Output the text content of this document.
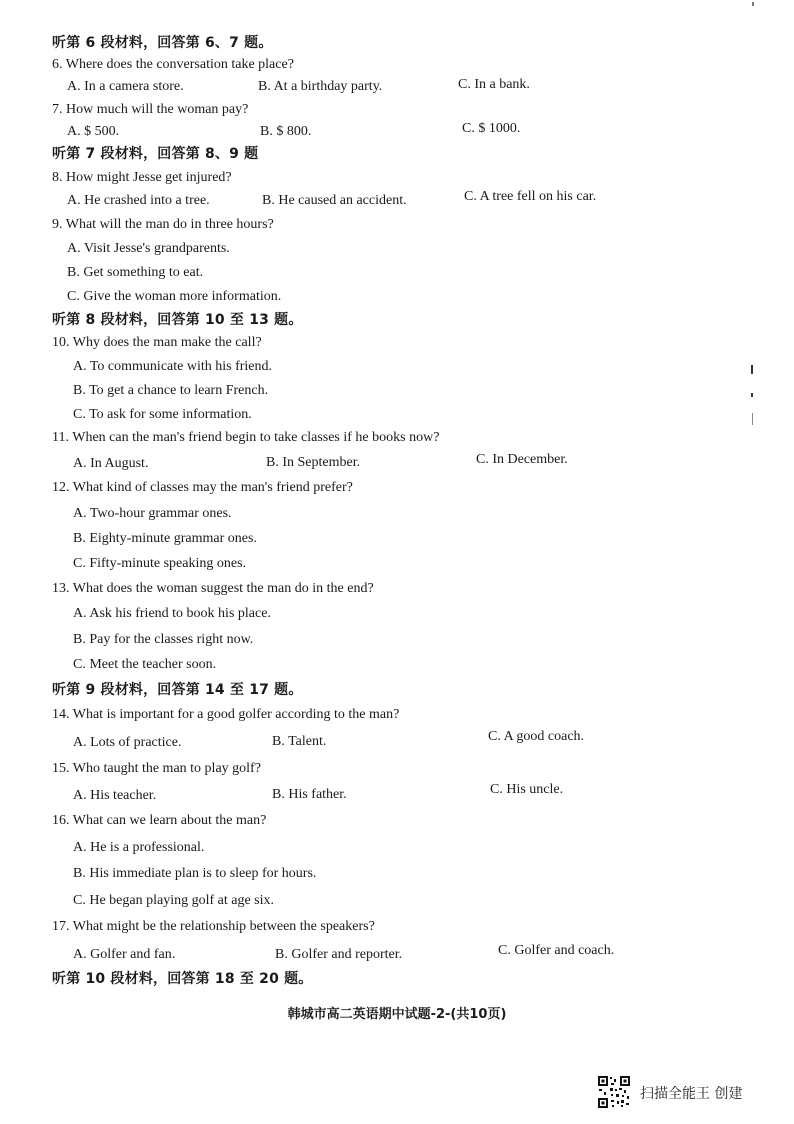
听第 6 段材料，回答第 6、7 题。
6. Where does the conversation take place?
A. In a camera store.	B. At a birthday party.	C. In a bank.
7. How much will the woman pay?
A. $ 500.	B. $ 800.	C. $ 1000.
听第 7 段材料，回答第 8、9 题
8. How might Jesse get injured?
A. He crashed into a tree.	B. He caused an accident.	C. A tree fell on his car.
9. What will the man do in three hours?
A. Visit Jesse's grandparents.
B. Get something to eat.
C. Give the woman more information.
听第 8 段材料，回答第 10 至 13 题。
10. Why does the man make the call?
A. To communicate with his friend.
B. To get a chance to learn French.
C. To ask for some information.
11. When can the man's friend begin to take classes if he books now?
A. In August.	B. In September.	C. In December.
12. What kind of classes may the man's friend prefer?
A. Two-hour grammar ones.
B. Eighty-minute grammar ones.
C. Fifty-minute speaking ones.
13. What does the woman suggest the man do in the end?
A. Ask his friend to book his place.
B. Pay for the classes right now.
C. Meet the teacher soon.
听第 9 段材料，回答第 14 至 17 题。
14. What is important for a good golfer according to the man?
A. Lots of practice.	B. Talent.	C. A good coach.
15. Who taught the man to play golf?
A. His teacher.	B. His father.	C. His uncle.
16. What can we learn about the man?
A. He is a professional.
B. His immediate plan is to sleep for hours.
C. He began playing golf at age six.
17. What might be the relationship between the speakers?
A. Golfer and fan.	B. Golfer and reporter.	C. Golfer and coach.
听第 10 段材料，回答第 18 至 20 题。
韩城市高二英语期中试题-2-(共10页)
扫描全能王 创建
